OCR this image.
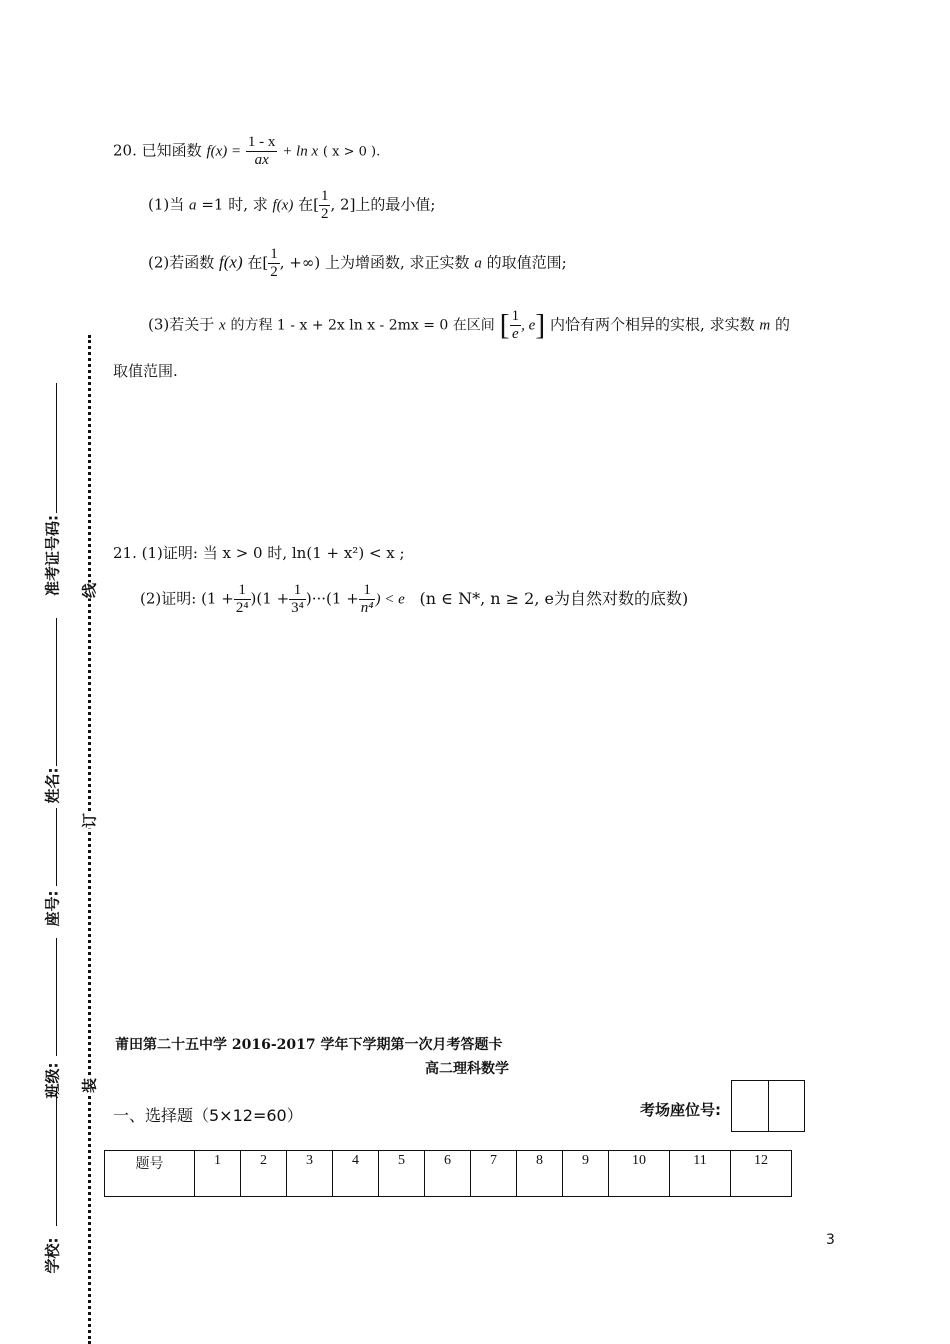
20. 已知函数 $f(x) = \frac{1 - x}{ax} + \ln x$ ( x > 0 ).
(1)当 a =1 时, 求 f(x) 在[ $\frac{1}{2}$ , 2]上的最小值;
(2)若函数 f(x) 在[ $\frac{1}{2}$ , +∞) 上为增函数, 求正实数 a 的取值范围;
(3)若关于 x 的方程 1 - x + 2x ln x - 2mx = 0 在区间 [ $\frac{1}{e}$ , e] 内恰有两个相异的实根, 求实数 m 的
取值范围.
21. (1)证明: 当 x > 0 时, ln(1 + x²) < x ;
(2)证明: $(1 + \frac{1}{\text{2⁴}} )(1 + \frac{1}{\text{3⁴}} )\cdot\cdot\cdot(1 + \frac{1}{\text{n⁴}}$ ) < e (n ∈ N*, n ≥ 2, e为自然对数的底数)
线
订
装
准考证号码:
姓名:
座号:
班级:
学校:
莆田第二十五中学 2016-2017 学年下学期第一次月考答题卡
高二理科数学
一、选择题（5×12=60）	考场座位号:
题号	1	2	3	4	5	6	7	8	9	10	11	12
3
